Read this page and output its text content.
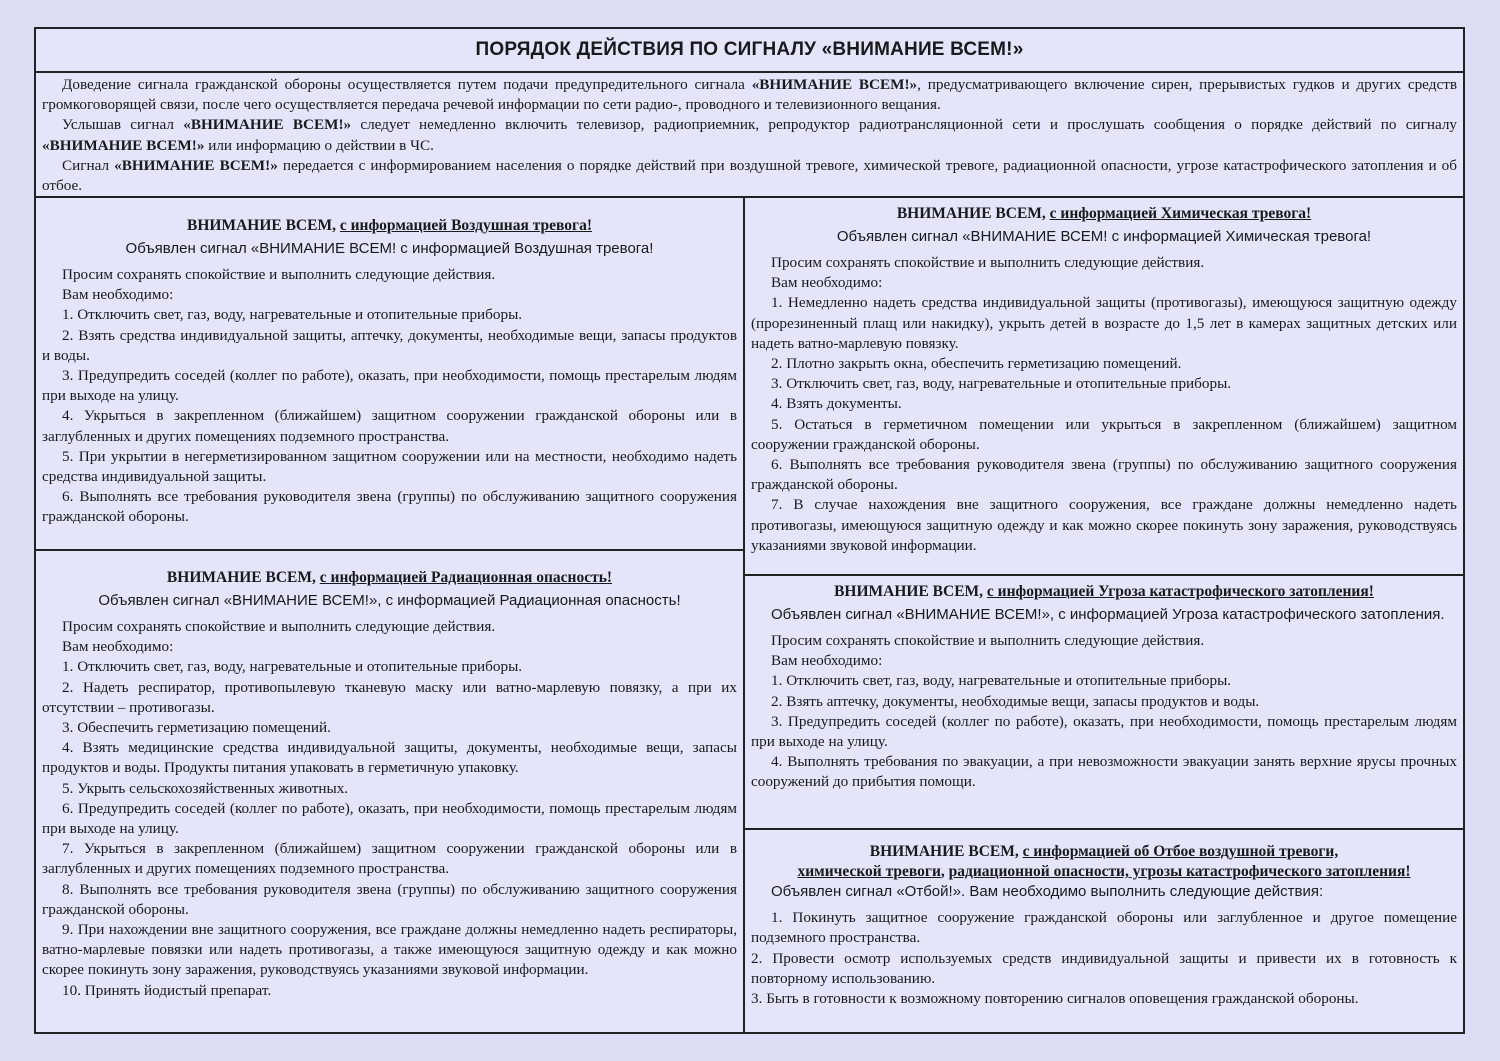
ПОРЯДОК ДЕЙСТВИЯ ПО СИГНАЛУ «ВНИМАНИЕ ВСЕМ!»

Доведение сигнала гражданской обороны осуществляется путем подачи предупредительного сигнала «ВНИМАНИЕ ВСЕМ!», предусматривающего включение сирен, прерывистых гудков и других средств громкоговорящей связи, после чего осуществляется передача речевой информации по сети радио-, проводного и телевизионного вещания.

Услышав сигнал «ВНИМАНИЕ ВСЕМ!» следует немедленно включить телевизор, радиоприемник, репродуктор радиотрансляционной сети и прослушать сообщения о порядке действий по сигналу «ВНИМАНИЕ ВСЕМ!» или информацию о действии в ЧС.

Сигнал «ВНИМАНИЕ ВСЕМ!» передается с информированием населения о порядке действий при воздушной тревоге, химической тревоге, радиационной опасности, угрозе катастрофического затопления и об отбое.

ВНИМАНИЕ ВСЕМ, с информацией Воздушная тревога!
Объявлен сигнал «ВНИМАНИЕ ВСЕМ! с информацией Воздушная тревога!

Просим сохранять спокойствие и выполнить следующие действия.

Вам необходимо:

1. Отключить свет, газ, воду, нагревательные и отопительные приборы.

2. Взять средства индивидуальной защиты, аптечку, документы, необходимые вещи, запасы продуктов и воды.

3. Предупредить соседей (коллег по работе), оказать, при необходимости, помощь престарелым людям при выходе на улицу.

4. Укрыться в закрепленном (ближайшем) защитном сооружении гражданской обороны или в заглубленных и других помещениях подземного пространства.

5. При укрытии в негерметизированном защитном сооружении или на местности, необходимо надеть средства индивидуальной защиты.

6. Выполнять все требования руководителя звена (группы) по обслуживанию защитного сооружения гражданской обороны.

ВНИМАНИЕ ВСЕМ, с информацией Радиационная опасность!
Объявлен сигнал «ВНИМАНИЕ ВСЕМ!», с информацией Радиационная опасность!

Просим сохранять спокойствие и выполнить следующие действия.

Вам необходимо:

1. Отключить свет, газ, воду, нагревательные и отопительные приборы.

2. Надеть респиратор, противопылевую тканевую маску или ватно-марлевую повязку, а при их отсутствии – противогазы.

3. Обеспечить герметизацию помещений.

4. Взять медицинские средства индивидуальной защиты, документы, необходимые вещи, запасы продуктов и воды. Продукты питания упаковать в герметичную упаковку.

5. Укрыть сельскохозяйственных животных.

6. Предупредить соседей (коллег по работе), оказать, при необходимости, помощь престарелым людям при выходе на улицу.

7. Укрыться в закрепленном (ближайшем) защитном сооружении гражданской обороны или в заглубленных и других помещениях подземного пространства.

8. Выполнять все требования руководителя звена (группы) по обслуживанию защитного сооружения гражданской обороны.

9. При нахождении вне защитного сооружения, все граждане должны немедленно надеть респираторы, ватно-марлевые повязки или надеть противогазы, а также имеющуюся защитную одежду и как можно скорее покинуть зону заражения, руководствуясь указаниями звуковой информации.

10. Принять йодистый препарат.

ВНИМАНИЕ ВСЕМ, с информацией Химическая тревога!
Объявлен сигнал «ВНИМАНИЕ ВСЕМ! с информацией Химическая тревога!

Просим сохранять спокойствие и выполнить следующие действия.

Вам необходимо:

1. Немедленно надеть средства индивидуальной защиты (противогазы), имеющуюся защитную одежду (прорезиненный плащ или накидку), укрыть детей в возрасте до 1,5 лет в камерах защитных детских или надеть ватно-марлевую повязку.

2. Плотно закрыть окна, обеспечить герметизацию помещений.

3. Отключить свет, газ, воду, нагревательные и отопительные приборы.

4. Взять документы.

5. Остаться в герметичном помещении или укрыться в закрепленном (ближайшем) защитном сооружении гражданской обороны.

6. Выполнять все требования руководителя звена (группы) по обслуживанию защитного сооружения гражданской обороны.

7. В случае нахождения вне защитного сооружения, все граждане должны немедленно надеть противогазы, имеющуюся защитную одежду и как можно скорее покинуть зону заражения, руководствуясь указаниями звуковой информации.

ВНИМАНИЕ ВСЕМ, с информацией Угроза катастрофического затопления!
Объявлен сигнал «ВНИМАНИЕ ВСЕМ!», с информацией Угроза катастрофического затопления.

Просим сохранять спокойствие и выполнить следующие действия.

Вам необходимо:

1. Отключить свет, газ, воду, нагревательные и отопительные приборы.

2. Взять аптечку, документы, необходимые вещи, запасы продуктов и воды.

3. Предупредить соседей (коллег по работе), оказать, при необходимости, помощь престарелым людям при выходе на улицу.

4. Выполнять требования по эвакуации, а при невозможности эвакуации занять верхние ярусы прочных сооружений до прибытия помощи.

ВНИМАНИЕ ВСЕМ, с информацией об Отбое воздушной тревоги,
химической тревоги, радиационной опасности, угрозы катастрофического затопления!
Объявлен сигнал «Отбой!». Вам необходимо выполнить следующие действия:

1. Покинуть защитное сооружение гражданской обороны или заглубленное и другое помещение подземного пространства.

2. Провести осмотр используемых средств индивидуальной защиты и привести их в готовность к повторному использованию.

3. Быть в готовности к возможному повторению сигналов оповещения гражданской обороны.
